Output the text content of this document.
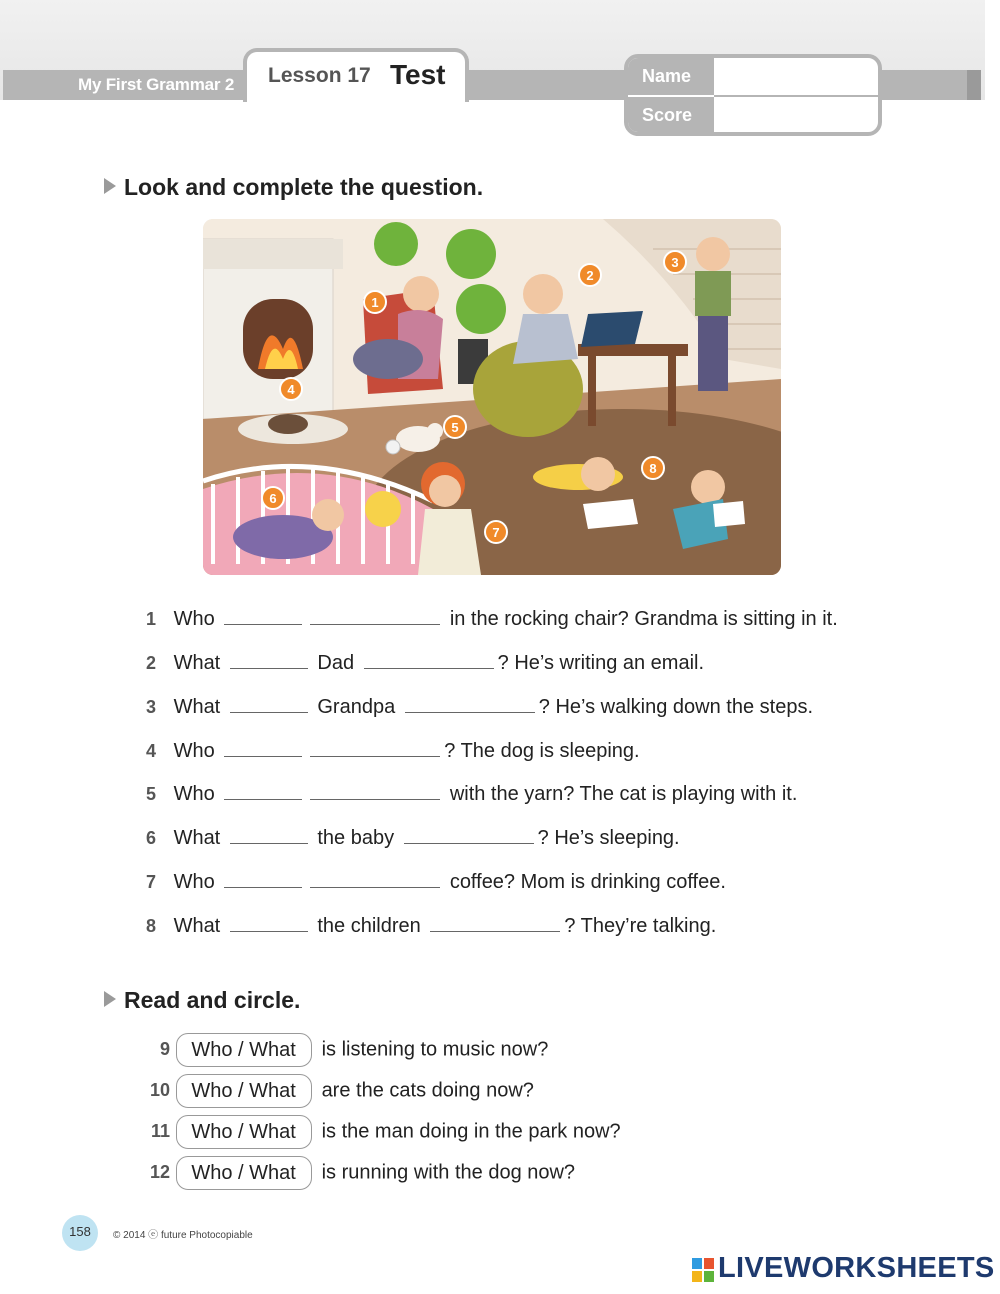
My First Grammar 2 Lesson 17 Test	Name
Score
Look and complete the question.
1
2
3
4
5
6
7
8
1 Who	in the rocking chair? Grandma is sitting in it.
2 What	Dad	? He’s writing an email.
3 What	Grandpa	? He’s walking down the steps.
4 Who	? The dog is sleeping.
5 Who	with the yarn? The cat is playing with it.
6 What	the baby	? He’s sleeping.
7 Who	coffee? Mom is drinking coffee.
8 What	the children	? They’re talking.
Read and circle.
9 Who / What is listening to music now?
10 Who / What are the cats doing now?
11 Who / What is the man doing in the park now?
12 Who / What is running with the dog now?
158	© 2014 ⓔ future Photocopiable
LIVEWORKSHEETS
